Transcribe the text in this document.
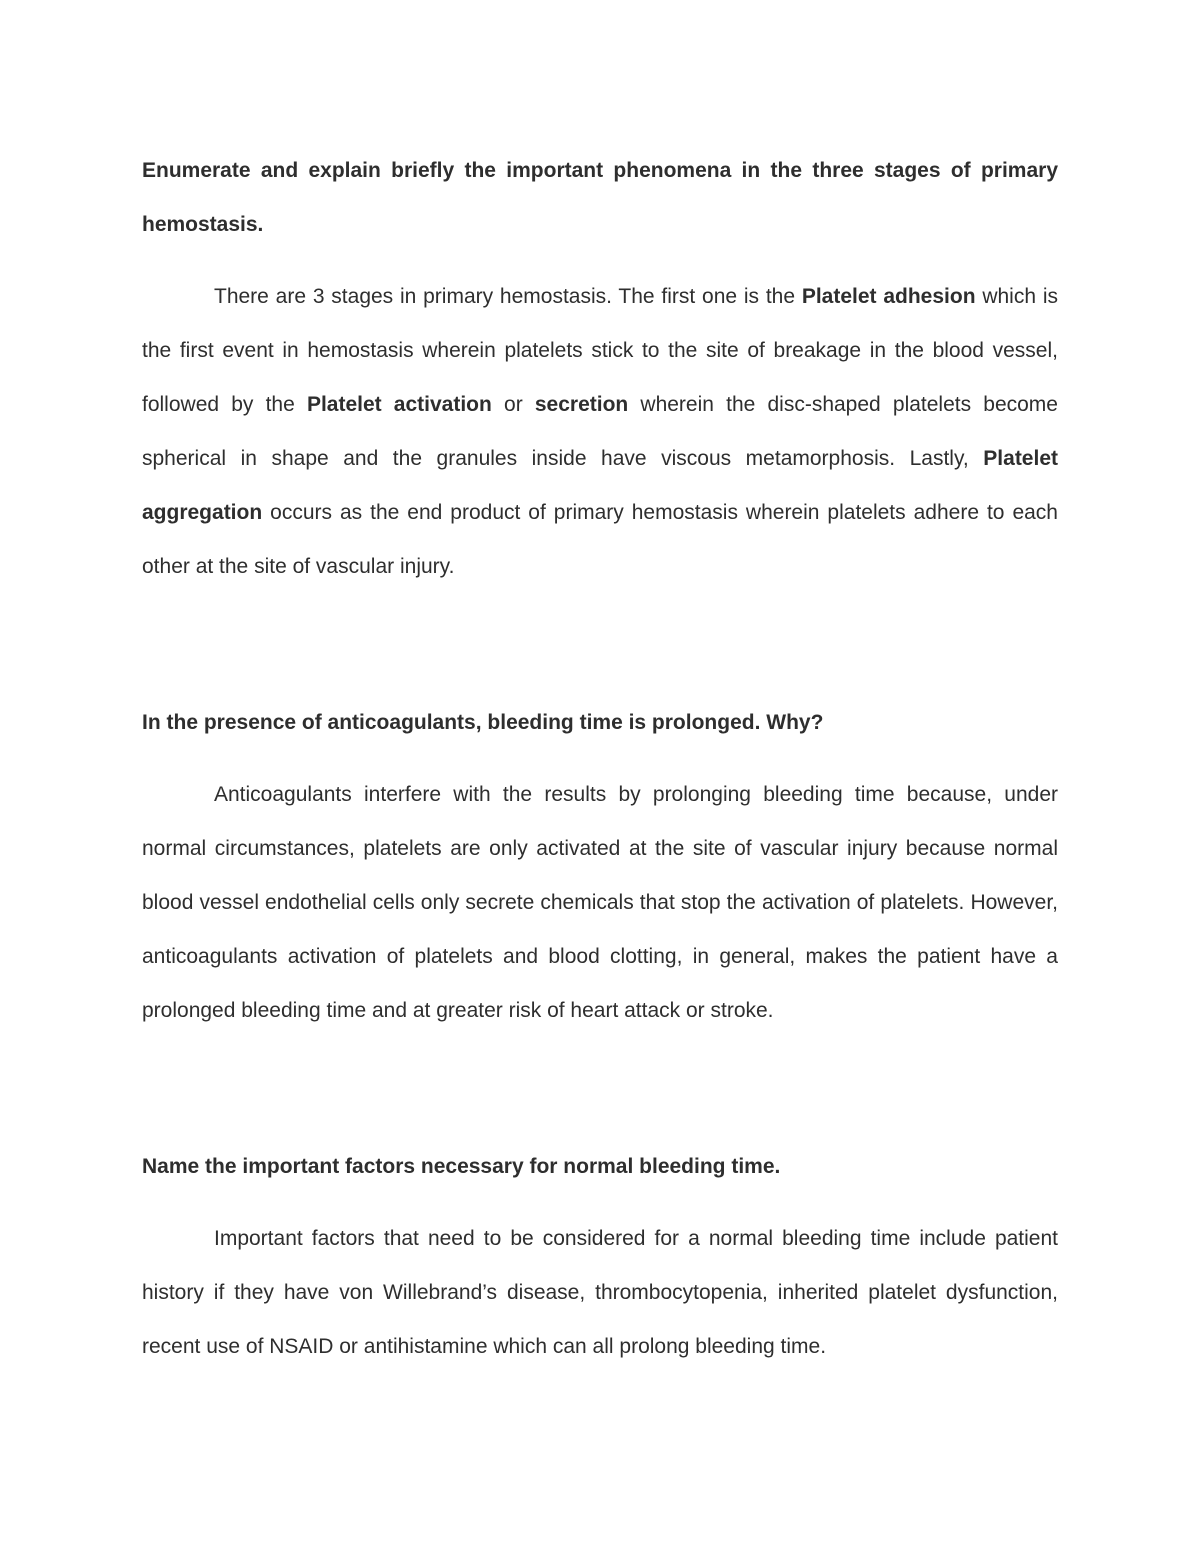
Enumerate and explain briefly the important phenomena in the three stages of primary hemostasis.

There are 3 stages in primary hemostasis. The first one is the Platelet adhesion which is the first event in hemostasis wherein platelets stick to the site of breakage in the blood vessel, followed by the Platelet activation or secretion wherein the disc-shaped platelets become spherical in shape and the granules inside have viscous metamorphosis. Lastly, Platelet aggregation occurs as the end product of primary hemostasis wherein platelets adhere to each other at the site of vascular injury.

In the presence of anticoagulants, bleeding time is prolonged. Why?

Anticoagulants interfere with the results by prolonging bleeding time because, under normal circumstances, platelets are only activated at the site of vascular injury because normal blood vessel endothelial cells only secrete chemicals that stop the activation of platelets. However, anticoagulants activation of platelets and blood clotting, in general, makes the patient have a prolonged bleeding time and at greater risk of heart attack or stroke.

Name the important factors necessary for normal bleeding time.

Important factors that need to be considered for a normal bleeding time include patient history if they have von Willebrand’s disease, thrombocytopenia, inherited platelet dysfunction, recent use of NSAID or antihistamine which can all prolong bleeding time.
